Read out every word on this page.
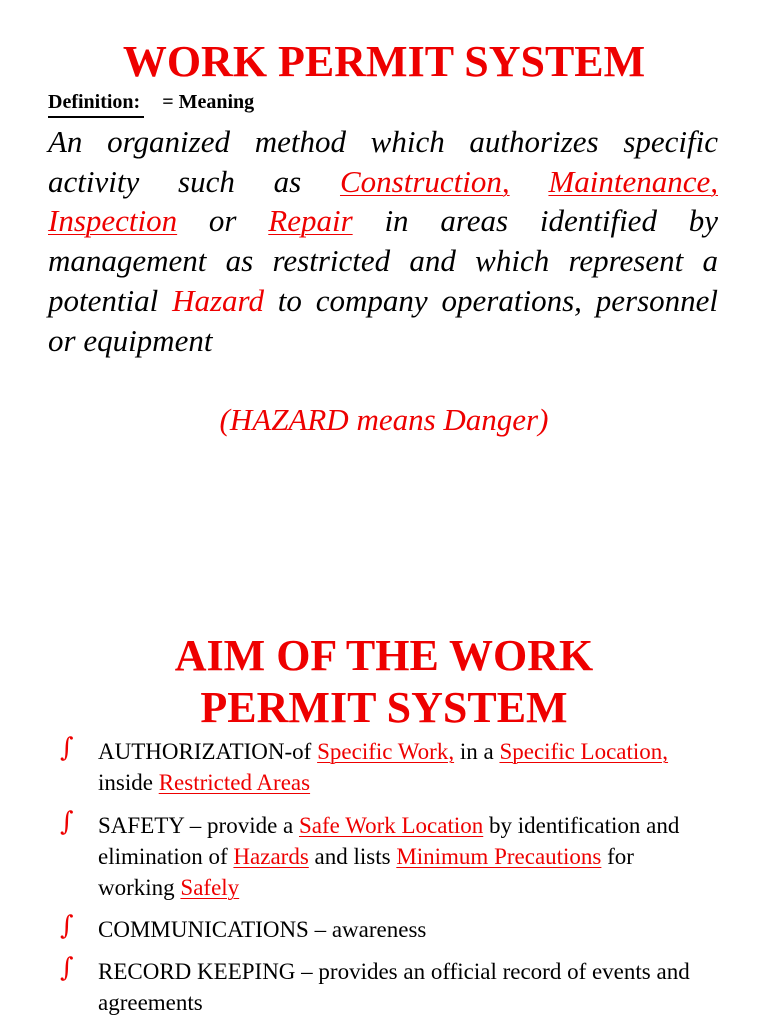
WORK PERMIT SYSTEM
Definition: = Meaning

An organized method which authorizes specific activity such as Construction, Maintenance, Inspection or Repair in areas identified by management as restricted and which represent a potential Hazard to company operations, personnel or equipment

(HAZARD means Danger)
AIM OF THE WORK
PERMIT SYSTEM
∫ AUTHORIZATION-of Specific Work, in a Specific Location, inside Restricted Areas
∫ SAFETY – provide a Safe Work Location by identification and elimination of Hazards and lists Minimum Precautions for working Safely
∫ COMMUNICATIONS – awareness
∫ RECORD KEEPING – provides an official record of events and agreements
